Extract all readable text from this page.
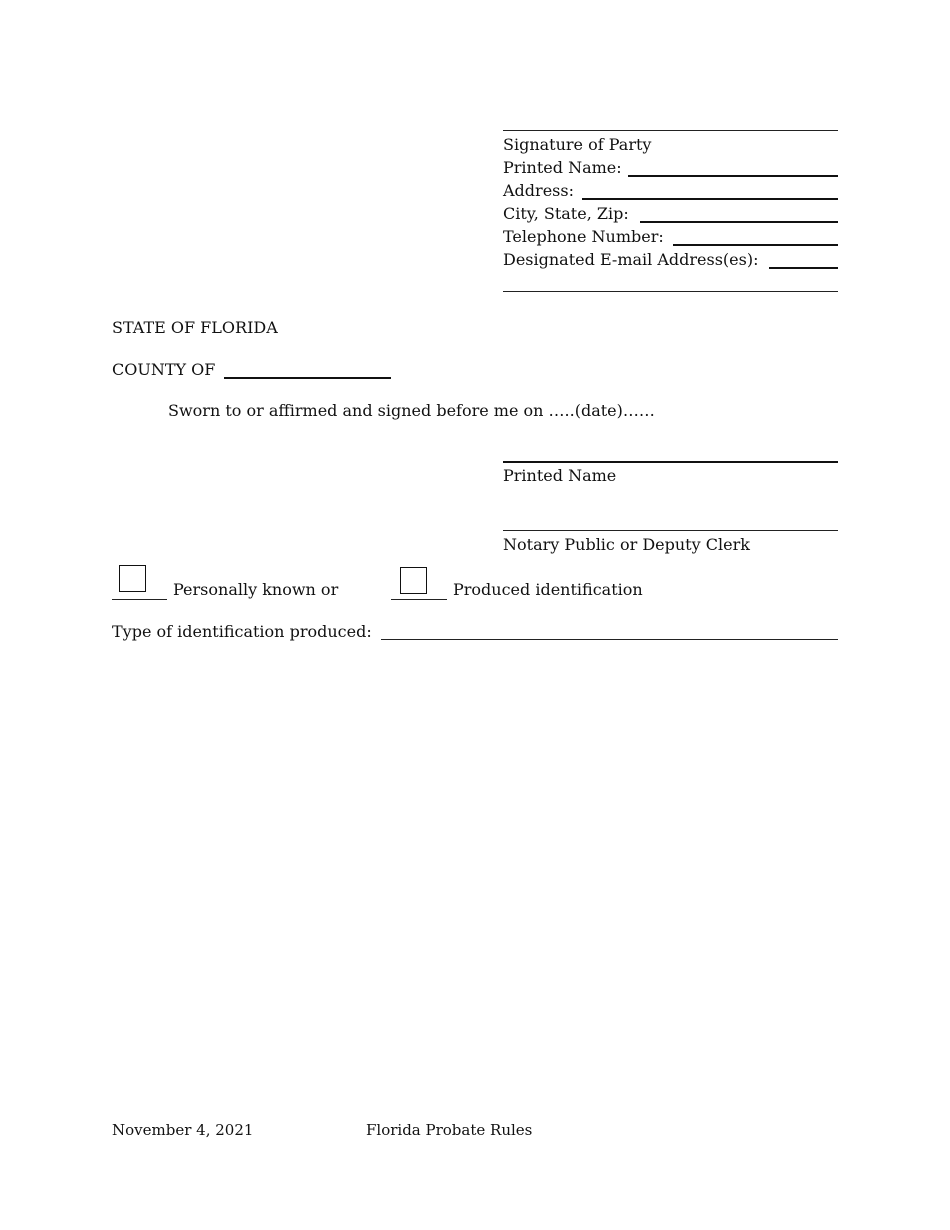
Signature of Party
Printed Name:
Address:
City, State, Zip:
Telephone Number:
Designated E-mail Address(es):
STATE OF FLORIDA
COUNTY OF
Sworn to or affirmed and signed before me on …..(date)……
Printed Name
Notary Public or Deputy Clerk
Personally known or	Produced identification
Type of identification produced:
November 4, 2021	Florida Probate Rules
